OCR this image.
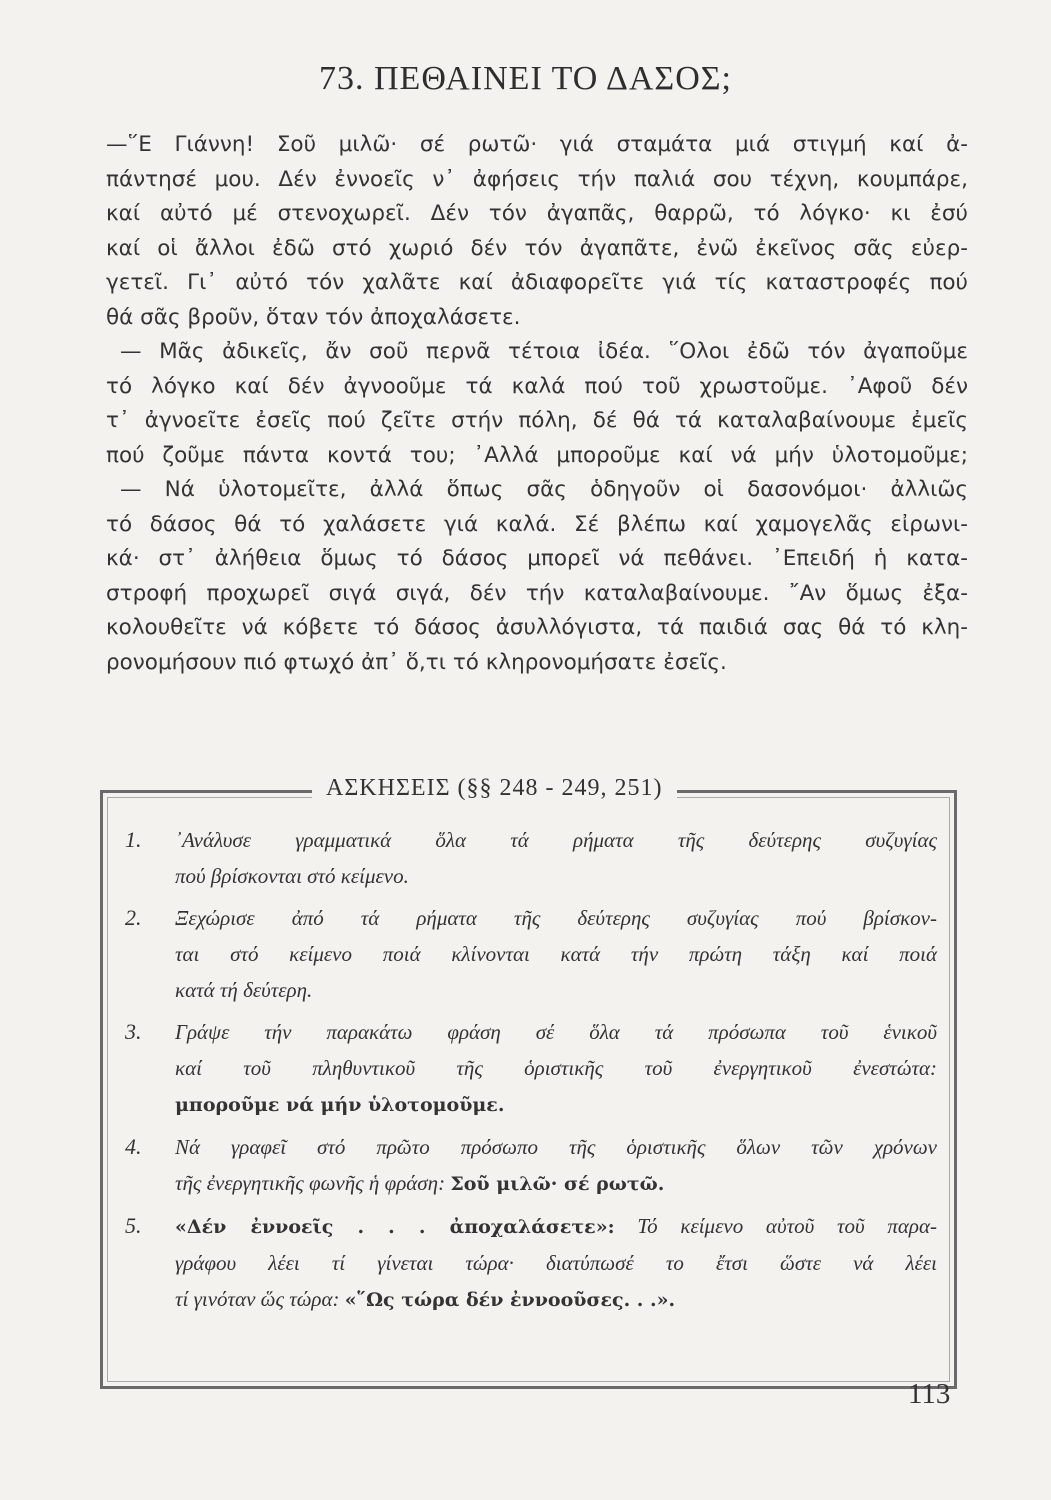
73. ΠΕΘΑΙΝΕΙ ΤΟ ΔΑΣΟΣ;
—῞Ε Γιάννη! Σοῦ μιλῶ· σέ ρωτῶ· γιά σταμάτα μιά στιγμή καί ἀ-
πάντησέ μου. Δέν ἐννοεῖς ν᾽ ἀφήσεις τήν παλιά σου τέχνη, κουμπάρε,
καί αὐτό μέ στενοχωρεῖ. Δέν τόν ἀγαπᾶς, θαρρῶ, τό λόγκο· κι ἐσύ
καί οἱ ἄλλοι ἐδῶ στό χωριό δέν τόν ἀγαπᾶτε, ἐνῶ ἐκεῖνος σᾶς εὐερ-
γετεῖ. Γι᾽ αὐτό τόν χαλᾶτε καί ἀδιαφορεῖτε γιά τίς καταστροφές πού
θά σᾶς βροῦν, ὅταν τόν ἀποχαλάσετε.
— Μᾶς ἀδικεῖς, ἄν σοῦ περνᾶ τέτοια ἰδέα. ῞Ολοι ἐδῶ τόν ἀγαποῦμε
τό λόγκο καί δέν ἀγνοοῦμε τά καλά πού τοῦ χρωστοῦμε. ᾿Αφοῦ δέν
τ᾽ ἀγνοεῖτε ἐσεῖς πού ζεῖτε στήν πόλη, δέ θά τά καταλαβαίνουμε ἐμεῖς
πού ζοῦμε πάντα κοντά του; ᾿Αλλά μποροῦμε καί νά μήν ὑλοτομοῦμε;
— Νά ὑλοτομεῖτε, ἀλλά ὅπως σᾶς ὁδηγοῦν οἱ δασονόμοι· ἀλλιῶς
τό δάσος θά τό χαλάσετε γιά καλά. Σέ βλέπω καί χαμογελᾶς εἰρωνι-
κά· στ᾽ ἀλήθεια ὅμως τό δάσος μπορεῖ νά πεθάνει. ᾿Επειδή ἡ κατα-
στροφή προχωρεῖ σιγά σιγά, δέν τήν καταλαβαίνουμε. ῎Αν ὅμως ἐξα-
κολουθεῖτε νά κόβετε τό δάσος ἀσυλλόγιστα, τά παιδιά σας θά τό κλη-
ρονομήσουν πιό φτωχό ἀπ᾽ ὅ,τι τό κληρονομήσατε ἐσεῖς.
ΑΣΚΗΣΕΙΣ (§§ 248 - 249, 251)
1. ᾿Ανάλυσε γραμματικά ὅλα τά ρήματα τῆς δεύτερης συζυγίας
πού βρίσκονται στό κείμενο.
2. Ξεχώρισε ἀπό τά ρήματα τῆς δεύτερης συζυγίας πού βρίσκον-
ται στό κείμενο ποιά κλίνονται κατά τήν πρώτη τάξη καί ποιά
κατά τή δεύτερη.
3. Γράψε τήν παρακάτω φράση σέ ὅλα τά πρόσωπα τοῦ ἑνικοῦ
καί τοῦ πληθυντικοῦ τῆς ὁριστικῆς τοῦ ἐνεργητικοῦ ἐνεστώτα:
μποροῦμε νά μήν ὑλοτομοῦμε.
4. Νά γραφεῖ στό πρῶτο πρόσωπο τῆς ὁριστικῆς ὅλων τῶν χρόνων
τῆς ἐνεργητικῆς φωνῆς ἡ φράση: Σοῦ μιλῶ· σέ ρωτῶ.
5. «Δέν ἐννοεῖς . . . ἀποχαλάσετε»: Τό κείμενο αὐτοῦ τοῦ παρα-
γράφου λέει τί γίνεται τώρα· διατύπωσέ το ἔτσι ὥστε νά λέει
τί γινόταν ὥς τώρα: «῞Ως τώρα δέν ἐννοοῦσες. . .».
113
